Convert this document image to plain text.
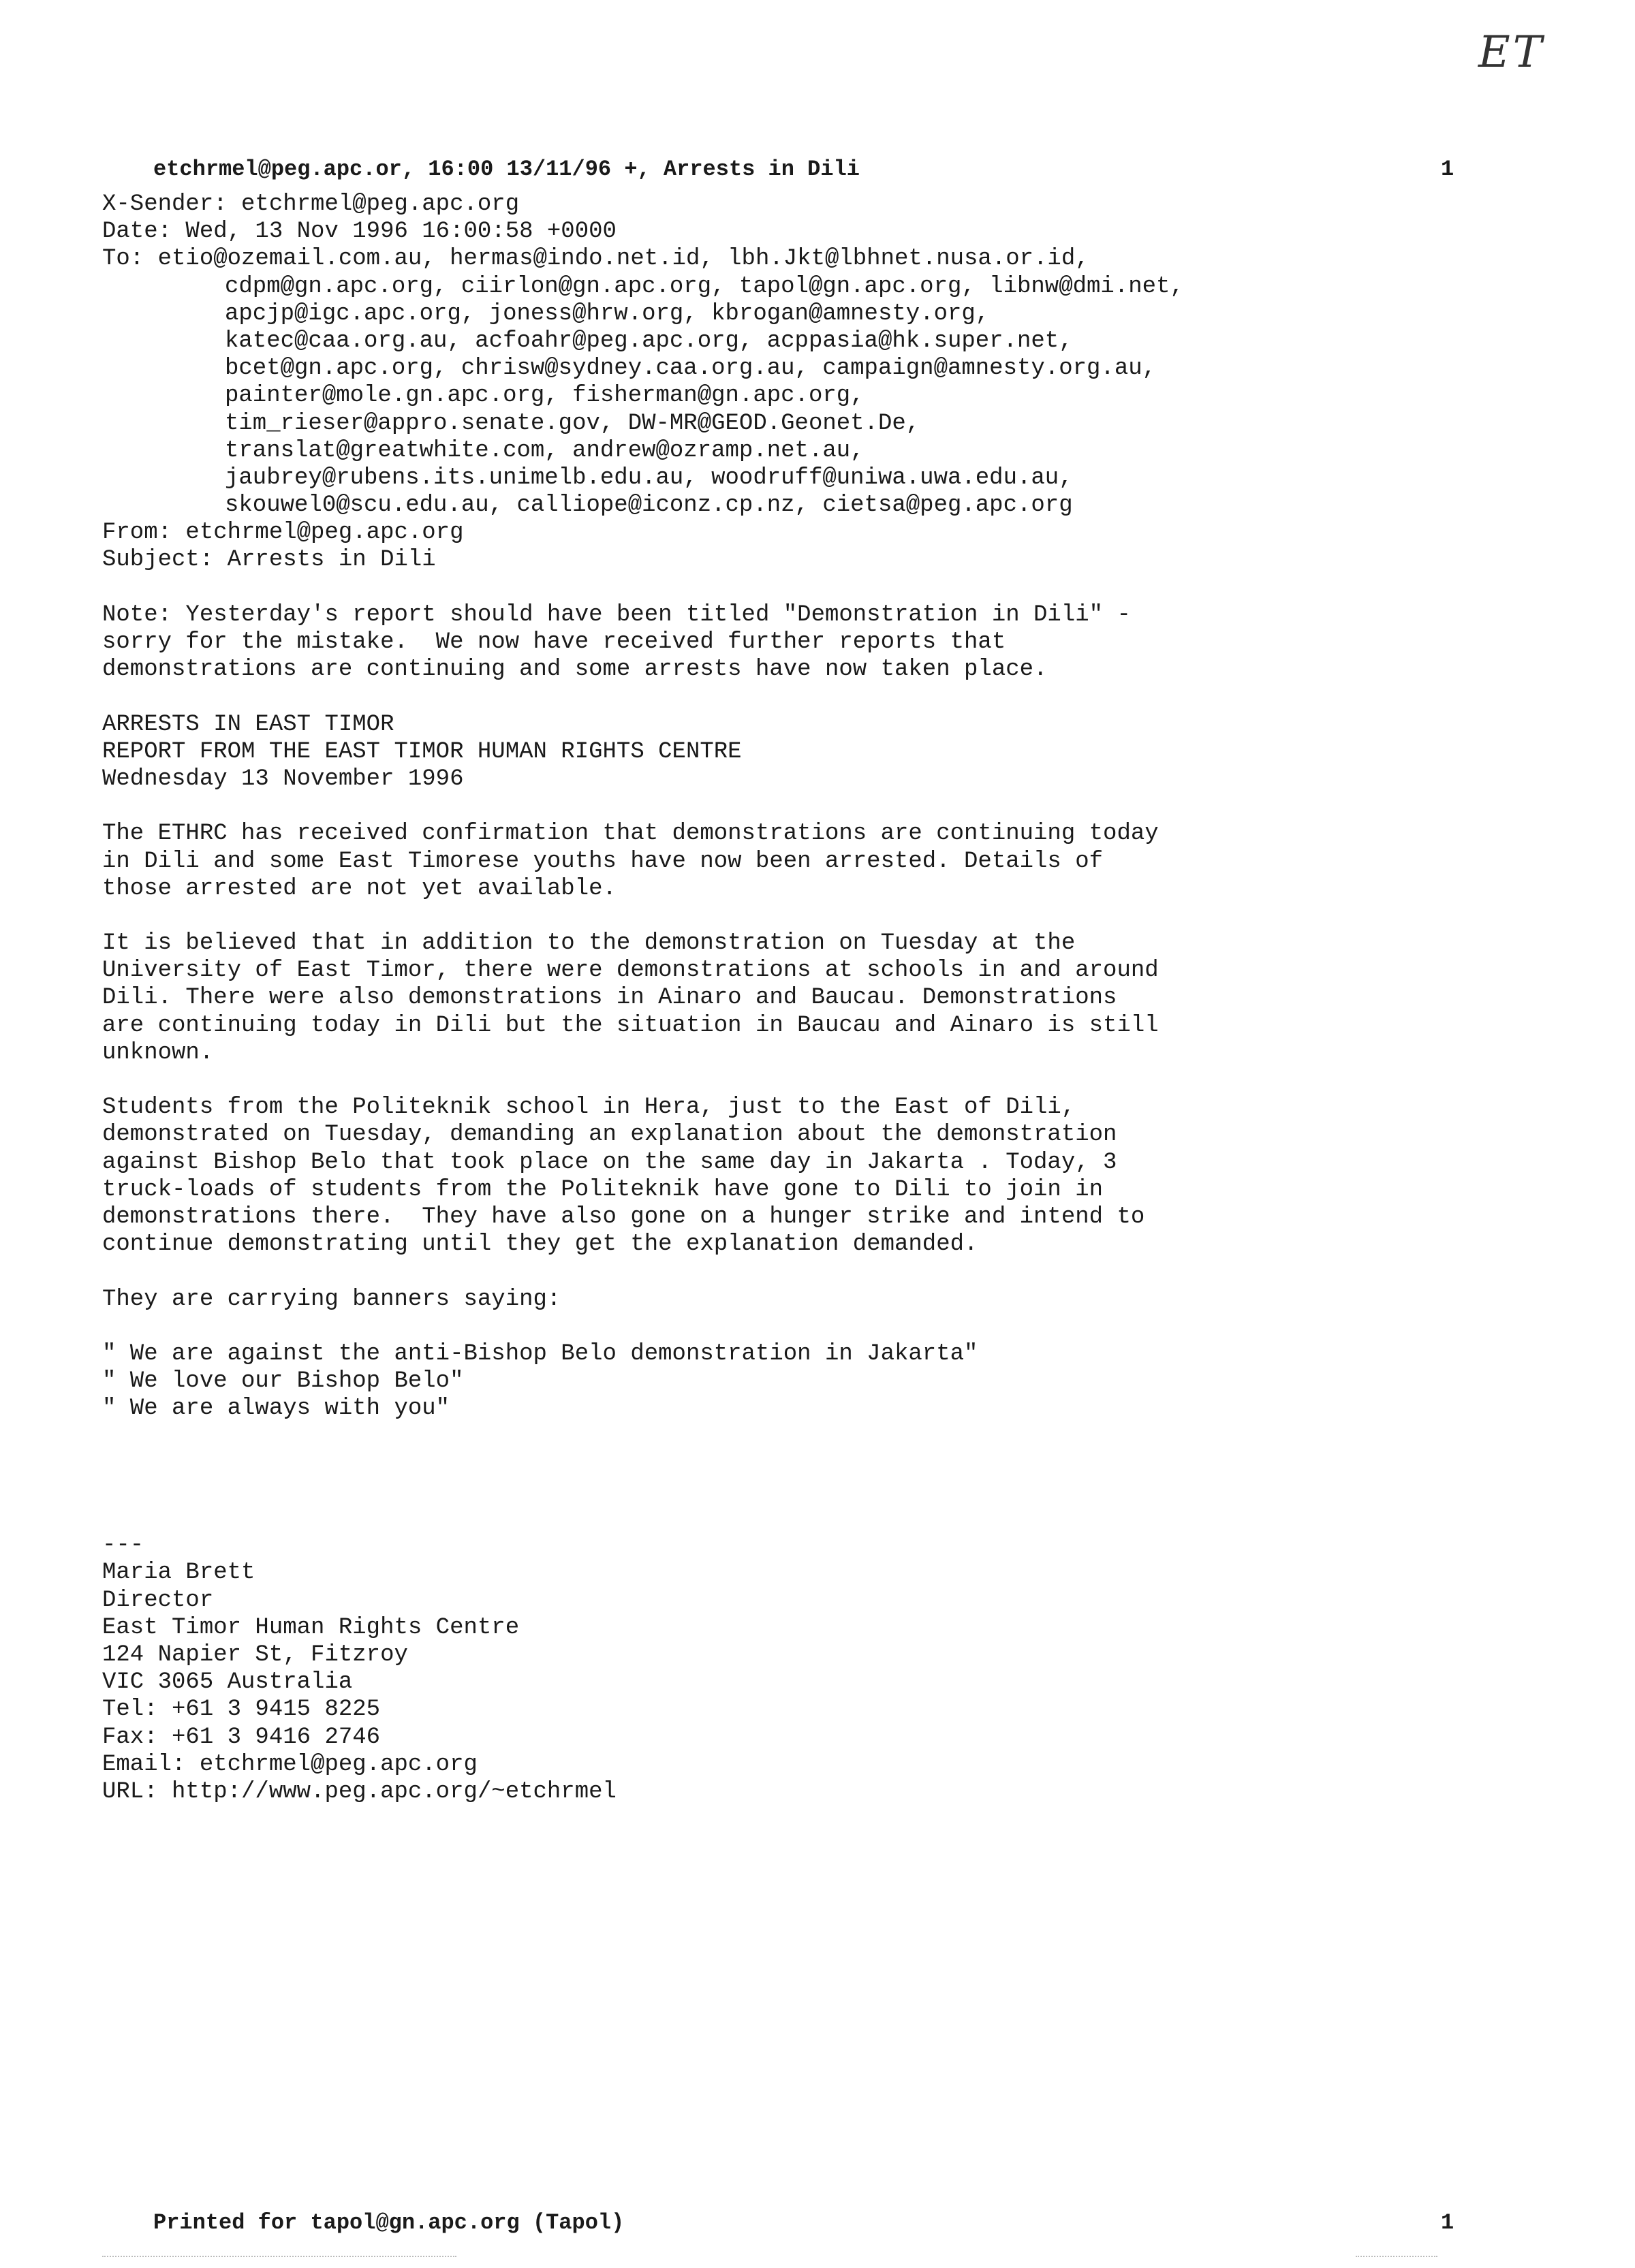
ET
etchrmel@peg.apc.or, 16:00 13/11/96 +, Arrests in Dili	1
X-Sender: etchrmel@peg.apc.org
Date: Wed, 13 Nov 1996 16:00:58 +0000
To: etio@ozemail.com.au, hermas@indo.net.id, lbh.Jkt@lbhnet.nusa.or.id,
cdpm@gn.apc.org, ciirlon@gn.apc.org, tapol@gn.apc.org, libnw@dmi.net,
apcjp@igc.apc.org, joness@hrw.org, kbrogan@amnesty.org,
katec@caa.org.au, acfoahr@peg.apc.org, acppasia@hk.super.net,
bcet@gn.apc.org, chrisw@sydney.caa.org.au, campaign@amnesty.org.au,
painter@mole.gn.apc.org, fisherman@gn.apc.org,
tim_rieser@appro.senate.gov, DW-MR@GEOD.Geonet.De,
translat@greatwhite.com, andrew@ozramp.net.au,
jaubrey@rubens.its.unimelb.edu.au, woodruff@uniwa.uwa.edu.au,
skouwel0@scu.edu.au, calliope@iconz.cp.nz, cietsa@peg.apc.org
From: etchrmel@peg.apc.org
Subject: Arrests in Dili
Note: Yesterday's report should have been titled "Demonstration in Dili" -
sorry for the mistake.  We now have received further reports that
demonstrations are continuing and some arrests have now taken place.
ARRESTS IN EAST TIMOR
REPORT FROM THE EAST TIMOR HUMAN RIGHTS CENTRE
Wednesday 13 November 1996
The ETHRC has received confirmation that demonstrations are continuing today
in Dili and some East Timorese youths have now been arrested. Details of
those arrested are not yet available.
It is believed that in addition to the demonstration on Tuesday at the
University of East Timor, there were demonstrations at schools in and around
Dili. There were also demonstrations in Ainaro and Baucau. Demonstrations
are continuing today in Dili but the situation in Baucau and Ainaro is still
unknown.
Students from the Politeknik school in Hera, just to the East of Dili,
demonstrated on Tuesday, demanding an explanation about the demonstration
against Bishop Belo that took place on the same day in Jakarta . Today, 3
truck-loads of students from the Politeknik have gone to Dili to join in
demonstrations there.  They have also gone on a hunger strike and intend to
continue demonstrating until they get the explanation demanded.
They are carrying banners saying:
" We are against the anti-Bishop Belo demonstration in Jakarta"
" We love our Bishop Belo"
" We are always with you"
---
Maria Brett
Director
East Timor Human Rights Centre
124 Napier St, Fitzroy
VIC 3065 Australia
Tel: +61 3 9415 8225
Fax: +61 3 9416 2746
Email: etchrmel@peg.apc.org
URL: http://www.peg.apc.org/~etchrmel
Printed for tapol@gn.apc.org (Tapol)	1
